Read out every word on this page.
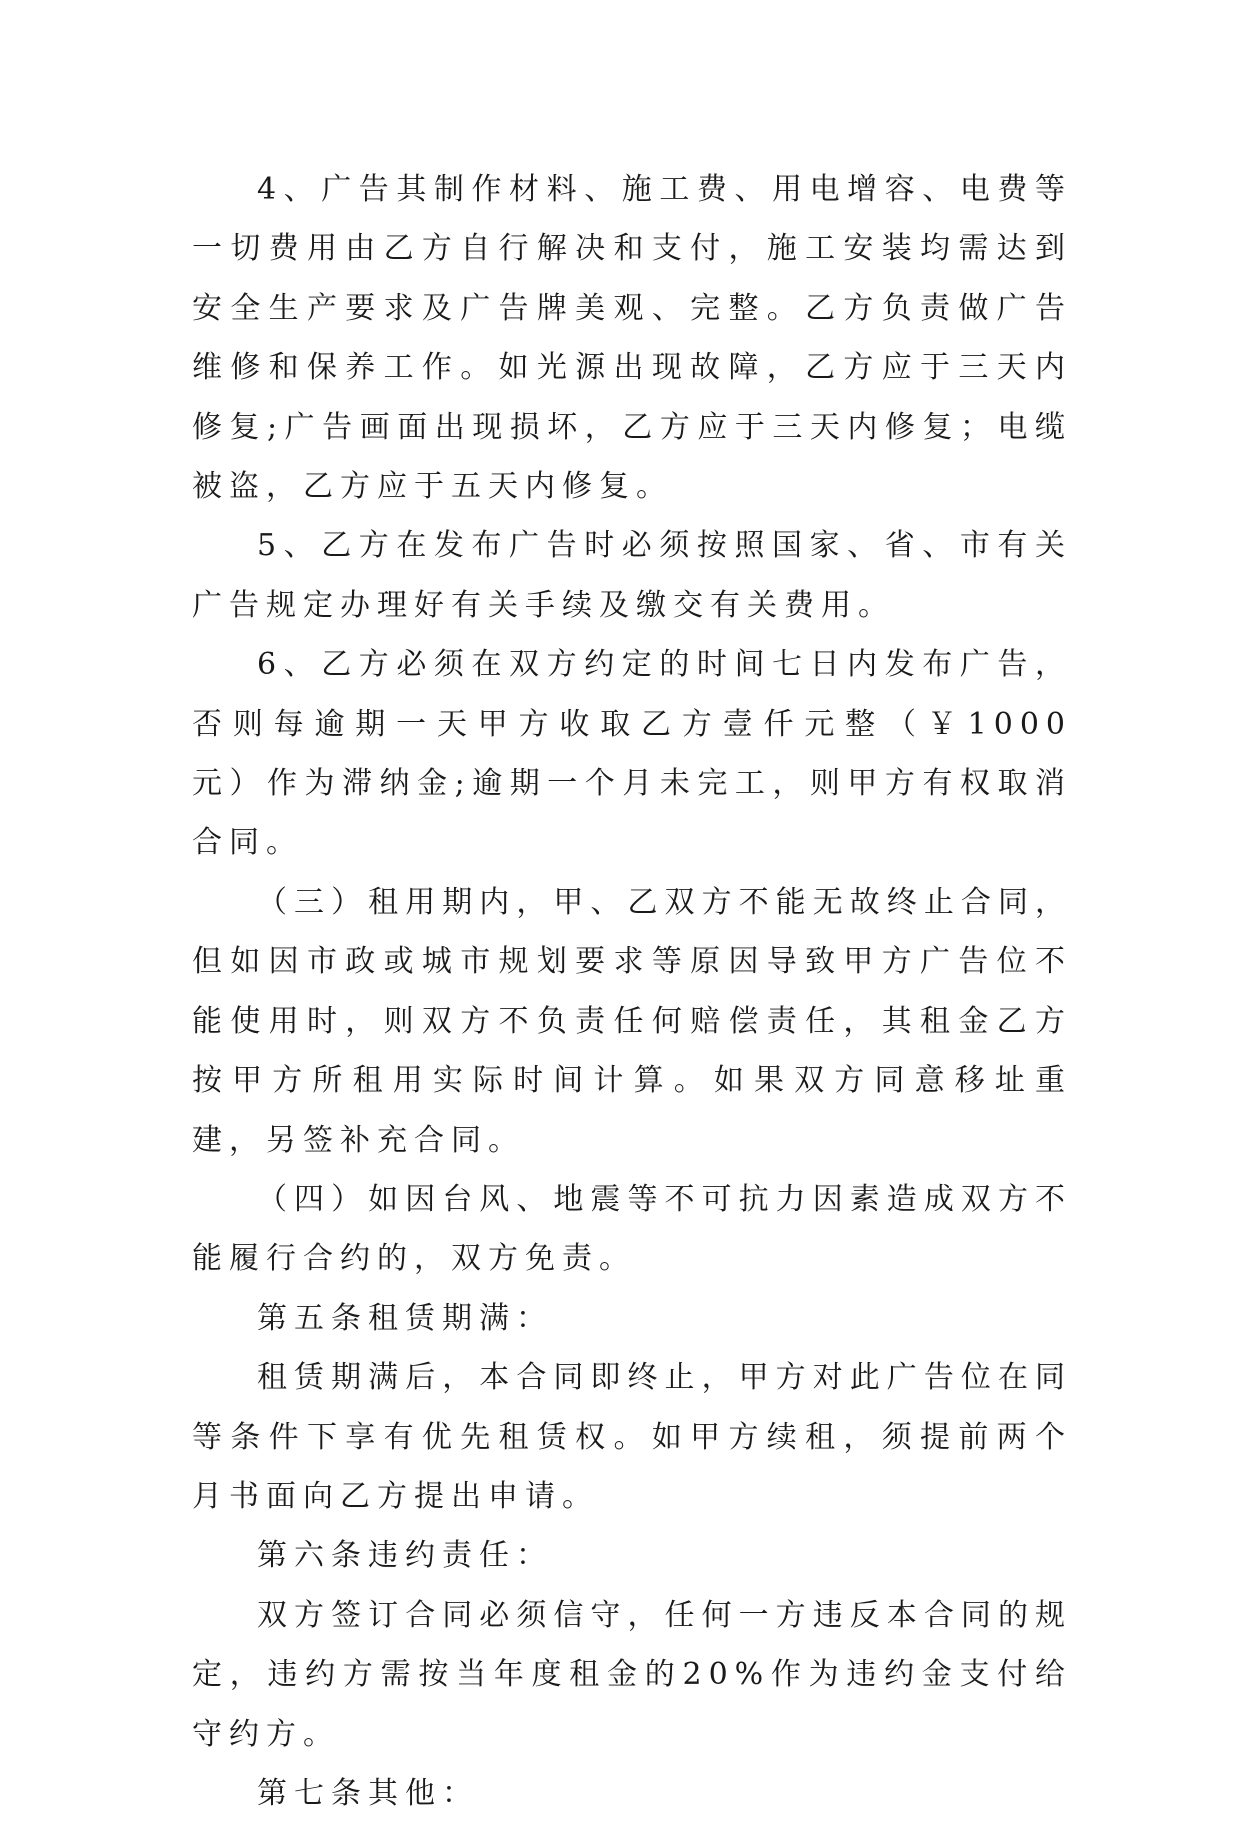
4、广告其制作材料、施工费、用电增容、电费等一切费用由乙方自行解决和支付，施工安装均需达到安全生产要求及广告牌美观、完整。乙方负责做广告维修和保养工作。如光源出现故障，乙方应于三天内修复;广告画面出现损坏，乙方应于三天内修复；电缆被盗，乙方应于五天内修复。

5、乙方在发布广告时必须按照国家、省、市有关广告规定办理好有关手续及缴交有关费用。

6、乙方必须在双方约定的时间七日内发布广告，否则每逾期一天甲方收取乙方壹仟元整（￥1000 元）作为滞纳金;逾期一个月未完工，则甲方有权取消合同。

（三）租用期内，甲、乙双方不能无故终止合同，但如因市政或城市规划要求等原因导致甲方广告位不能使用时，则双方不负责任何赔偿责任，其租金乙方按甲方所租用实际时间计算。如果双方同意移址重建，另签补充合同。

（四）如因台风、地震等不可抗力因素造成双方不能履行合约的，双方免责。

第五条租赁期满：

租赁期满后，本合同即终止，甲方对此广告位在同等条件下享有优先租赁权。如甲方续租，须提前两个月书面向乙方提出申请。

第六条违约责任：

双方签订合同必须信守，任何一方违反本合同的规定，违约方需按当年度租金的20%作为违约金支付给守约方。

第七条其他：
